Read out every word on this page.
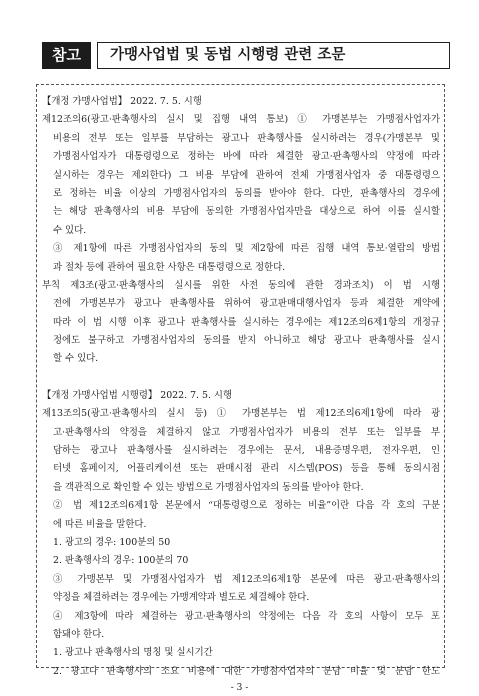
참고	가맹사업법 및 동법 시행령 관련 조문
【개정 가맹사업법】 2022. 7. 5. 시행
제12조의6(광고·판촉행사의 실시 및 집행 내역 통보) ① 가맹본부는 가맹점사업자가
비용의 전부 또는 일부를 부담하는 광고나 판촉행사를 실시하려는 경우(가맹본부 및
가맹점사업자가 대통령령으로 정하는 바에 따라 체결한 광고·판촉행사의 약정에 따라
실시하는 경우는 제외한다) 그 비용 부담에 관하여 전체 가맹점사업자 중 대통령령으
로 정하는 비율 이상의 가맹점사업자의 동의를 받아야 한다. 다만, 판촉행사의 경우에
는 해당 판촉행사의 비용 부담에 동의한 가맹점사업자만을 대상으로 하여 이를 실시할
수 있다.
③ 제1항에 따른 가맹점사업자의 동의 및 제2항에 따른 집행 내역 통보·열람의 방법
과 절차 등에 관하여 필요한 사항은 대통령령으로 정한다.
부칙 제3조(광고·판촉행사의 실시를 위한 사전 동의에 관한 경과조치) 이 법 시행
전에 가맹본부가 광고나 판촉행사를 위하여 광고판매대행사업자 등과 체결한 계약에
따라 이 법 시행 이후 광고나 판촉행사를 실시하는 경우에는 제12조의6제1항의 개정규
정에도 불구하고 가맹점사업자의 동의를 받지 아니하고 해당 광고나 판촉행사를 실시
할 수 있다.
【개정 가맹사업법 시행령】 2022. 7. 5. 시행
제13조의5(광고·판촉행사의 실시 등) ① 가맹본부는 법 제12조의6제1항에 따라 광
고·판촉행사의 약정을 체결하지 않고 가맹점사업자가 비용의 전부 또는 일부를 부
담하는 광고나 판촉행사를 실시하려는 경우에는 문서, 내용증명우편, 전자우편, 인
터넷 홈페이지, 어플리케이션 또는 판매시점 관리 시스템(POS) 등을 통해 동의시점
을 객관적으로 확인할 수 있는 방법으로 가맹점사업자의 동의를 받아야 한다.
② 법 제12조의6제1항 본문에서 “대통령령으로 정하는 비율”이란 다음 각 호의 구분
에 따른 비율을 말한다.
1. 광고의 경우: 100분의 50
2. 판촉행사의 경우: 100분의 70
③ 가맹본부 및 가맹점사업자가 법 제12조의6제1항 본문에 따른 광고·판촉행사의
약정을 체결하려는 경우에는 가맹계약과 별도로 체결해야 한다.
④ 제3항에 따라 체결하는 광고·판촉행사의 약정에는 다음 각 호의 사항이 모두 포
함돼야 한다.
1. 광고나 판촉행사의 명칭 및 실시기간
2. 광고나 판촉행사의 소요 비용에 대한 가맹점사업자의 분담 비율 및 분담 한도
- 3 -
